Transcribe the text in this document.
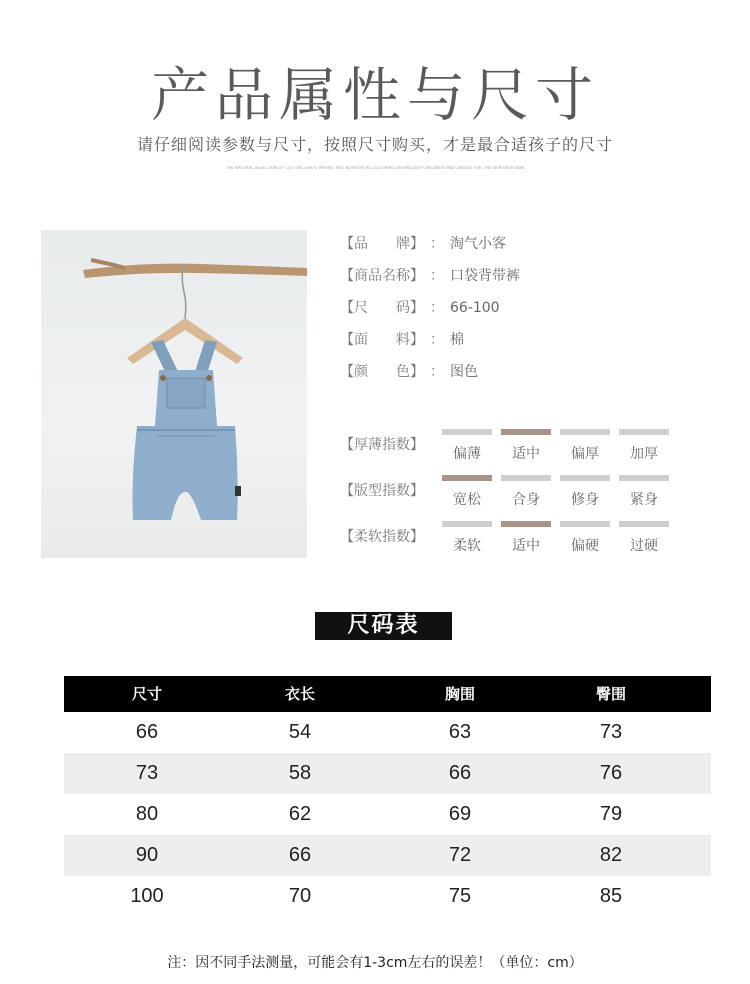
产品属性与尺寸
请仔细阅读参数与尺寸，按照尺寸购买，才是最合适孩子的尺寸
THE NATURAL SELECTION OF COTTON, GREAT MEANS, NOT BORROW ALL CLOTHING DISTINGUISH CHILDREN AND CHOOSE FOR THE SKIN WITH SKIN
【品　　牌】 ： 淘气小客
【商品名称】 ： 口袋背带裤
【尺　　码】 ： 66-100
【面　　料】 ： 棉
【颜　　色】 ： 图色
【厚薄指数】
偏薄	适中	偏厚	加厚
【版型指数】
宽松	合身	修身	紧身
【柔软指数】
柔软	适中	偏硬	过硬
尺码表
尺寸	衣长	胸围	臀围
66	54	63	73
73	58	66	76
80	62	69	79
90	66	72	82
100	70	75	85
注：因不同手法测量，可能会有1-3cm左右的误差！（单位：cm）
